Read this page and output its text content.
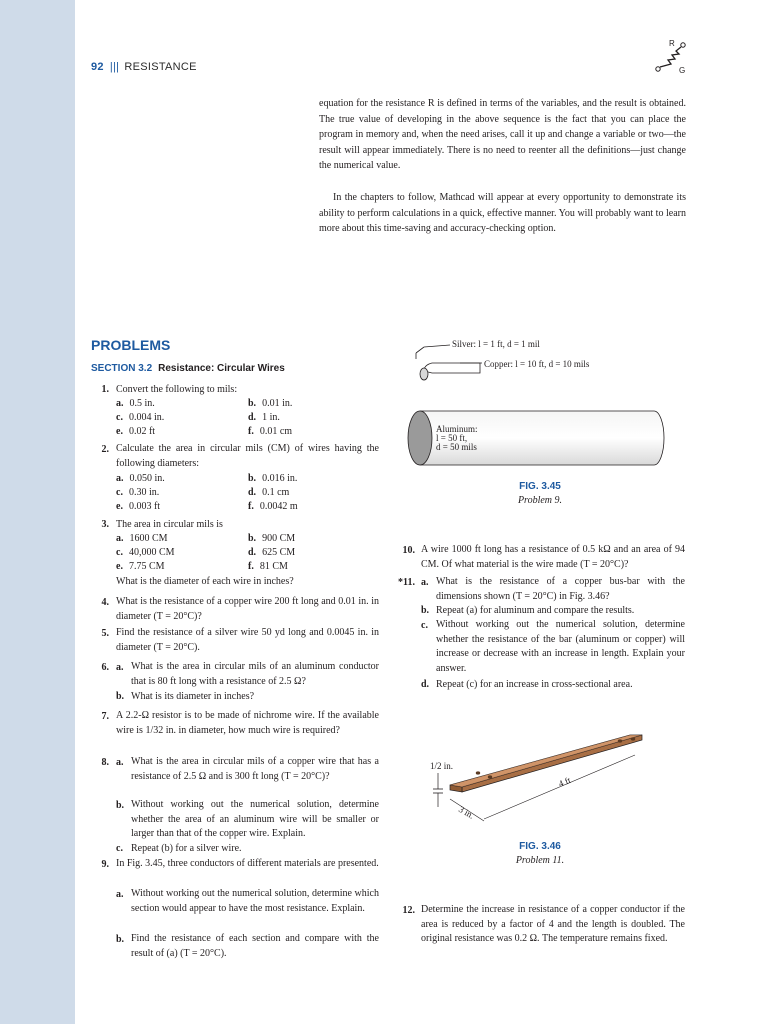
92 ||| RESISTANCE
R
G

equation for the resistance R is defined in terms of the variables, and the result is obtained. The true value of developing in the above sequence is the fact that you can place the program in memory and, when the need arises, call it up and change a variable or two—the result will appear immediately. There is no need to reenter all the definitions—just change the numerical value.

In the chapters to follow, Mathcad will appear at every opportunity to demonstrate its ability to perform calculations in a quick, effective manner. You will probably want to learn more about this time-saving and accuracy-checking option.

PROBLEMS
SECTION 3.2 Resistance: Circular Wires
1. Convert the following to mils:
a. 0.5 in.	b. 0.01 in.
c. 0.004 in.	d. 1 in.
e. 0.02 ft	f. 0.01 cm
2. Calculate the area in circular mils (CM) of wires having the following diameters:

a. 0.050 in.	b. 0.016 in.
c. 0.30 in.	d. 0.1 cm
e. 0.003 ft	f. 0.0042 m
3. The area in circular mils is
a. 1600 CM	b. 900 CM
c. 40,000 CM	d. 625 CM
e. 7.75 CM	f. 81 CM
What is the diameter of each wire in inches?
4. What is the resistance of a copper wire 200 ft long and 0.01 in. in diameter (T = 20°C)?

5. Find the resistance of a silver wire 50 yd long and 0.0045 in. in diameter (T = 20°C).

6. a. What is the area in circular mils of an aluminum conductor that is 80 ft long with a resistance of 2.5 Ω?

b. What is its diameter in inches?
7. A 2.2-Ω resistor is to be made of nichrome wire. If the available wire is 1/32 in. in diameter, how much wire is required?

8. a. What is the area in circular mils of a copper wire that has a resistance of 2.5 Ω and is 300 ft long (T = 20°C)?

b. Without working out the numerical solution, determine whether the area of an aluminum wire will be smaller or larger than that of the copper wire. Explain.

c. Repeat (b) for a silver wire.
9. In Fig. 3.45, three conductors of different materials are presented.

a. Without working out the numerical solution, determine which section would appear to have the most resistance. Explain.

b. Find the resistance of each section and compare with the result of (a) (T = 20°C).

Silver: l = 1 ft, d = 1 mil
Copper: l = 10 ft, d = 10 mils
Aluminum:
l = 50 ft,
d = 50 mils
FIG. 3.45
Problem 9.
10. A wire 1000 ft long has a resistance of 0.5 kΩ and an area of 94 CM. Of what material is the wire made (T = 20°C)?

*11. a. What is the resistance of a copper bus-bar with the dimensions shown (T = 20°C) in Fig. 3.46?

b. Repeat (a) for aluminum and compare the results.
c. Without working out the numerical solution, determine whether the resistance of the bar (aluminum or copper) will increase or decrease with an increase in length. Explain your answer.

d. Repeat (c) for an increase in cross-sectional area.
1/2 in.
4 ft
3 in.
FIG. 3.46
Problem 11.
12. Determine the increase in resistance of a copper conductor if the area is reduced by a factor of 4 and the length is doubled. The original resistance was 0.2 Ω. The temperature remains fixed.
